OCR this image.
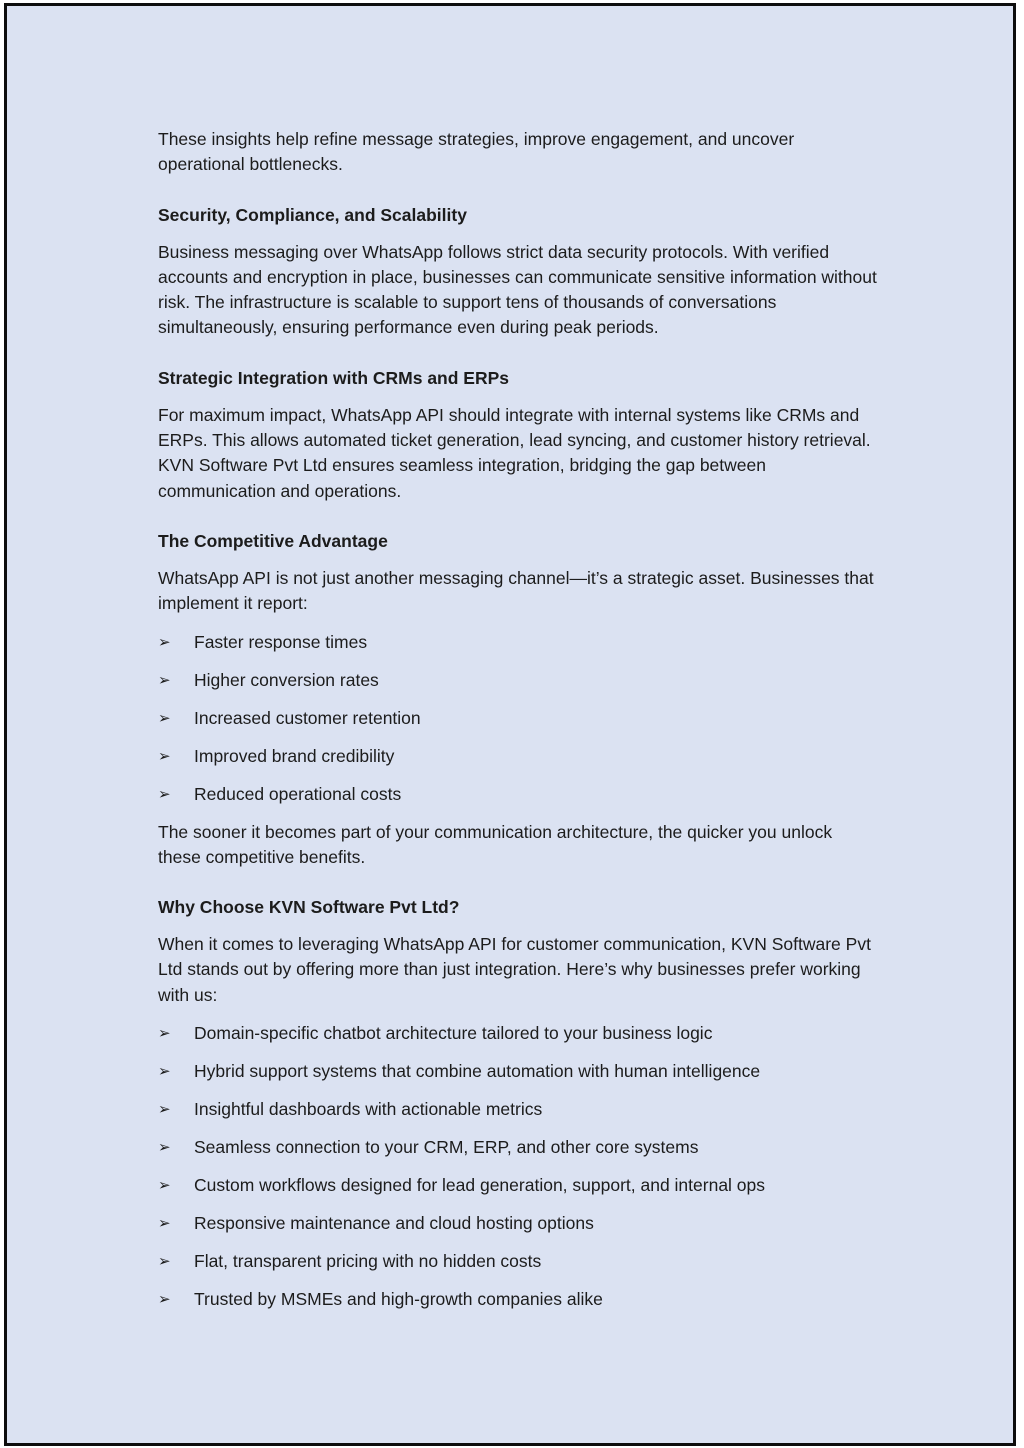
These insights help refine message strategies, improve engagement, and uncover operational bottlenecks.

Security, Compliance, and Scalability

Business messaging over WhatsApp follows strict data security protocols. With verified accounts and encryption in place, businesses can communicate sensitive information without risk. The infrastructure is scalable to support tens of thousands of conversations simultaneously, ensuring performance even during peak periods.

Strategic Integration with CRMs and ERPs

For maximum impact, WhatsApp API should integrate with internal systems like CRMs and ERPs. This allows automated ticket generation, lead syncing, and customer history retrieval. KVN Software Pvt Ltd ensures seamless integration, bridging the gap between communication and operations.

The Competitive Advantage

WhatsApp API is not just another messaging channel—it’s a strategic asset. Businesses that implement it report:

➢	Faster response times
➢	Higher conversion rates
➢	Increased customer retention
➢	Improved brand credibility
➢	Reduced operational costs

The sooner it becomes part of your communication architecture, the quicker you unlock these competitive benefits.

Why Choose KVN Software Pvt Ltd?

When it comes to leveraging WhatsApp API for customer communication, KVN Software Pvt Ltd stands out by offering more than just integration. Here’s why businesses prefer working with us:

➢	Domain-specific chatbot architecture tailored to your business logic
➢	Hybrid support systems that combine automation with human intelligence
➢	Insightful dashboards with actionable metrics
➢	Seamless connection to your CRM, ERP, and other core systems
➢	Custom workflows designed for lead generation, support, and internal ops
➢	Responsive maintenance and cloud hosting options
➢	Flat, transparent pricing with no hidden costs
➢	Trusted by MSMEs and high-growth companies alike
